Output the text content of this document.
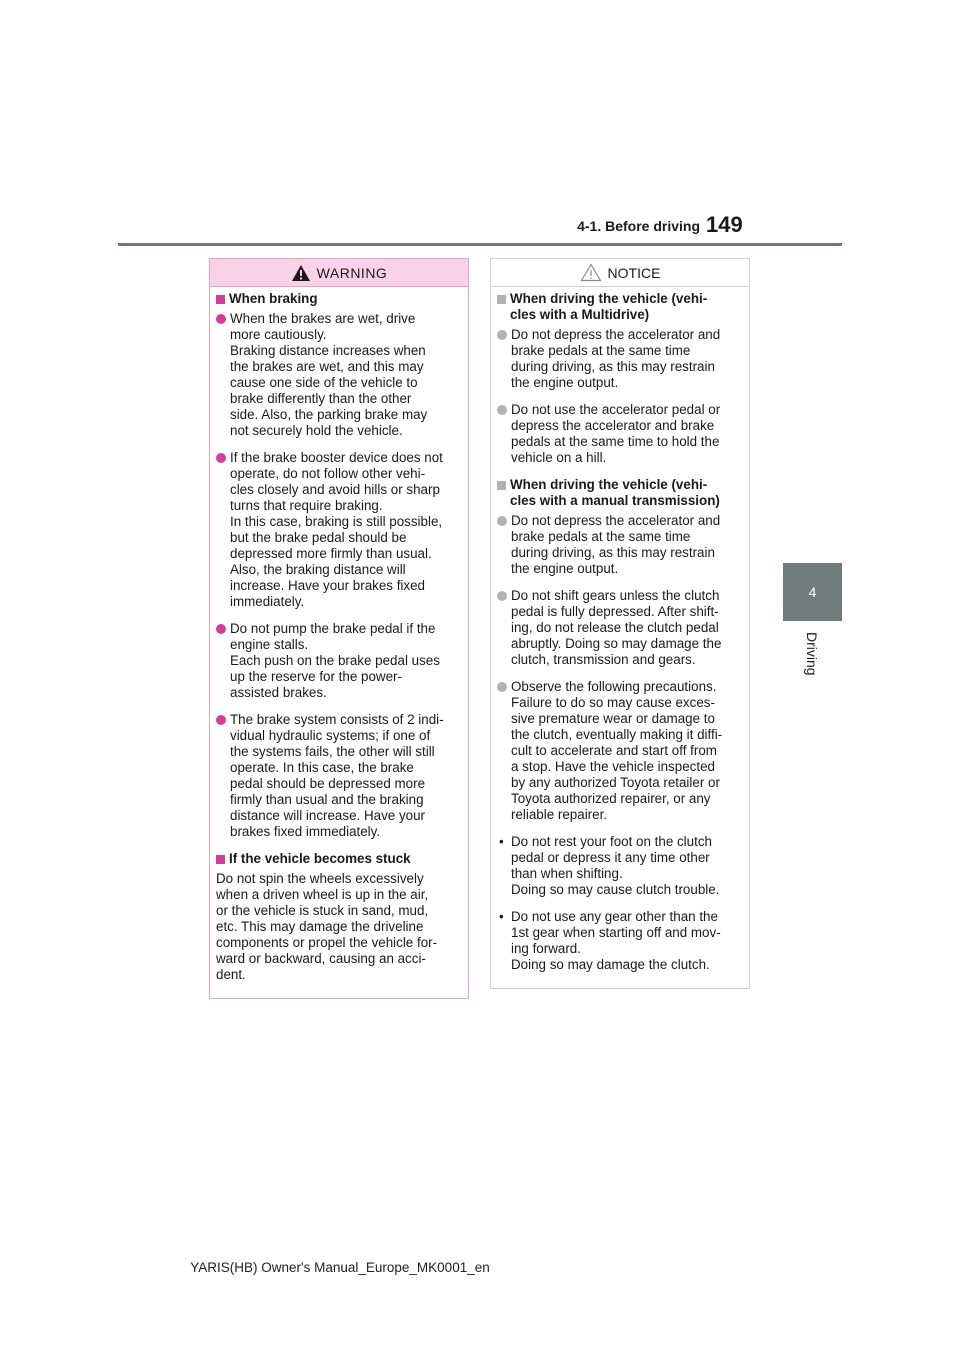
4-1. Before driving 149
4
Driving
WARNING
When braking
When the brakes are wet, drive
more cautiously.
Braking distance increases when
the brakes are wet, and this may
cause one side of the vehicle to
brake differently than the other
side. Also, the parking brake may
not securely hold the vehicle.
If the brake booster device does not
operate, do not follow other vehi-
cles closely and avoid hills or sharp
turns that require braking.
In this case, braking is still possible,
but the brake pedal should be
depressed more firmly than usual.
Also, the braking distance will
increase. Have your brakes fixed
immediately.
Do not pump the brake pedal if the
engine stalls.
Each push on the brake pedal uses
up the reserve for the power-
assisted brakes.
The brake system consists of 2 indi-
vidual hydraulic systems; if one of
the systems fails, the other will still
operate. In this case, the brake
pedal should be depressed more
firmly than usual and the braking
distance will increase. Have your
brakes fixed immediately.
If the vehicle becomes stuck
Do not spin the wheels excessively
when a driven wheel is up in the air,
or the vehicle is stuck in sand, mud,
etc. This may damage the driveline
components or propel the vehicle for-
ward or backward, causing an acci-
dent.
NOTICE
When driving the vehicle (vehi-
cles with a Multidrive)
Do not depress the accelerator and
brake pedals at the same time
during driving, as this may restrain
the engine output.
Do not use the accelerator pedal or
depress the accelerator and brake
pedals at the same time to hold the
vehicle on a hill.
When driving the vehicle (vehi-
cles with a manual transmission)
Do not depress the accelerator and
brake pedals at the same time
during driving, as this may restrain
the engine output.
Do not shift gears unless the clutch
pedal is fully depressed. After shift-
ing, do not release the clutch pedal
abruptly. Doing so may damage the
clutch, transmission and gears.
Observe the following precautions.
Failure to do so may cause exces-
sive premature wear or damage to
the clutch, eventually making it diffi-
cult to accelerate and start off from
a stop. Have the vehicle inspected
by any authorized Toyota retailer or
Toyota authorized repairer, or any
reliable repairer.
• Do not rest your foot on the clutch
pedal or depress it any time other
than when shifting.
Doing so may cause clutch trouble.
• Do not use any gear other than the
1st gear when starting off and mov-
ing forward.
Doing so may damage the clutch.
YARIS(HB) Owner's Manual_Europe_MK0001_en
